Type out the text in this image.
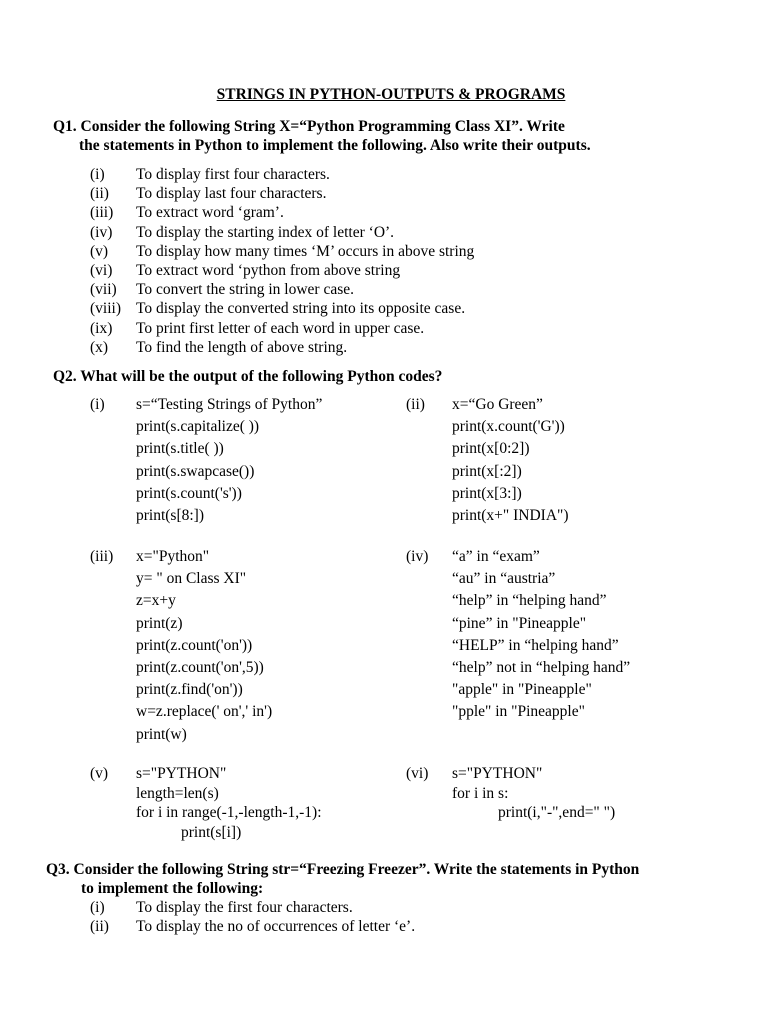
STRINGS IN PYTHON-OUTPUTS & PROGRAMS
Q1. Consider the following String X=“Python Programming Class XI”. Write
the statements in Python to implement the following. Also write their outputs.
(i) To display first four characters.
(ii) To display last four characters.
(iii) To extract word ‘gram’.
(iv) To display the starting index of letter ‘O’.
(v) To display how many times ‘M’ occurs in above string
(vi) To extract word ‘python from above string
(vii) To convert the string in lower case.
(viii) To display the converted string into its opposite case.
(ix) To print first letter of each word in upper case.
(x) To find the length of above string.
Q2. What will be the output of the following Python codes?
(i) s=“Testing Strings of Python”
print(s.capitalize( ))
print(s.title( ))
print(s.swapcase())
print(s.count('s'))
print(s[8:])
(ii) x=“Go Green”
print(x.count('G'))
print(x[0:2])
print(x[:2])
print(x[3:])
print(x+" INDIA")
(iii) x="Python"
y= " on Class XI"
z=x+y
print(z)
print(z.count('on'))
print(z.count('on',5))
print(z.find('on'))
w=z.replace(' on',' in')
print(w)
(iv) “a” in “exam”
“au” in “austria”
“help” in “helping hand”
“pine” in "Pineapple"
“HELP” in “helping hand”
“help” not in “helping hand”
"apple" in "Pineapple"
"pple" in "Pineapple"
(v) s="PYTHON"
length=len(s)
for i in range(-1,-length-1,-1):
print(s[i])
(vi) s="PYTHON"
for i in s:
print(i,"-",end=" ")
Q3. Consider the following String str=“Freezing Freezer”. Write the statements in Python
to implement the following:
(i) To display the first four characters.
(ii) To display the no of occurrences of letter ‘e’.
